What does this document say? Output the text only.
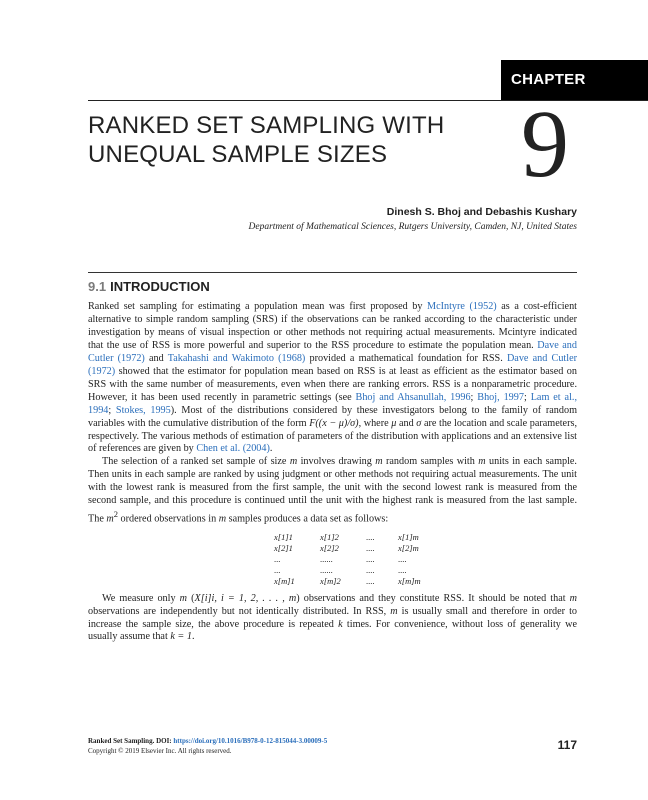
CHAPTER
RANKED SET SAMPLING WITH UNEQUAL SAMPLE SIZES	9
Dinesh S. Bhoj and Debashis Kushary
Department of Mathematical Sciences, Rutgers University, Camden, NJ, United States
9.1 INTRODUCTION

Ranked set sampling for estimating a population mean was first proposed by McIntyre (1952) as a cost-efficient alternative to simple random sampling (SRS) if the observations can be ranked according to the characteristic under investigation by means of visual inspection or other methods not requiring actual measurements. Mcintyre indicated that the use of RSS is more powerful and superior to the RSS procedure to estimate the population mean. Dave and Cutler (1972) and Takahashi and Wakimoto (1968) provided a mathematical foundation for RSS. Dave and Cutler (1972) showed that the estimator for population mean based on RSS is at least as efficient as the estimator based on SRS with the same number of measurements, even when there are ranking errors. RSS is a nonparametric procedure. However, it has been used recently in parametric settings (see Bhoj and Ahsanullah, 1996; Bhoj, 1997; Lam et al., 1994; Stokes, 1995). Most of the distributions considered by these investigators belong to the family of random variables with the cumulative distribution of the form F((x − μ)/σ), where μ and σ are the location and scale parameters, respectively. The various methods of estimation of parameters of the distribution with applications and an extensive list of references are given by Chen et al. (2004).

The selection of a ranked set sample of size m involves drawing m random samples with m units in each sample. Then units in each sample are ranked by using judgment or other methods not requiring actual measurements. The unit with the lowest rank is measured from the first sample, the unit with the second lowest rank is measured from the second sample, and this procedure is continued until the unit with the highest rank is measured from the last sample. The $m^2$ ordered observations in m samples produces a data set as follows:

x[1]1	x[1]2	....	x[1]m
x[2]1	x[2]2	....	x[2]m
...	......	....	....
...	......	....	....
x[m]1	x[m]2	....	x[m]m

We measure only m (X[i]i, i = 1, 2, . . . , m) observations and they constitute RSS. It should be noted that m observations are independently but not identically distributed. In RSS, m is usually small and therefore in order to increase the sample size, the above procedure is repeated k times. For convenience, without loss of generality we usually assume that k = 1.

Ranked Set Sampling. DOI: https://doi.org/10.1016/B978-0-12-815044-3.00009-5
Copyright © 2019 Elsevier Inc. All rights reserved.	117
